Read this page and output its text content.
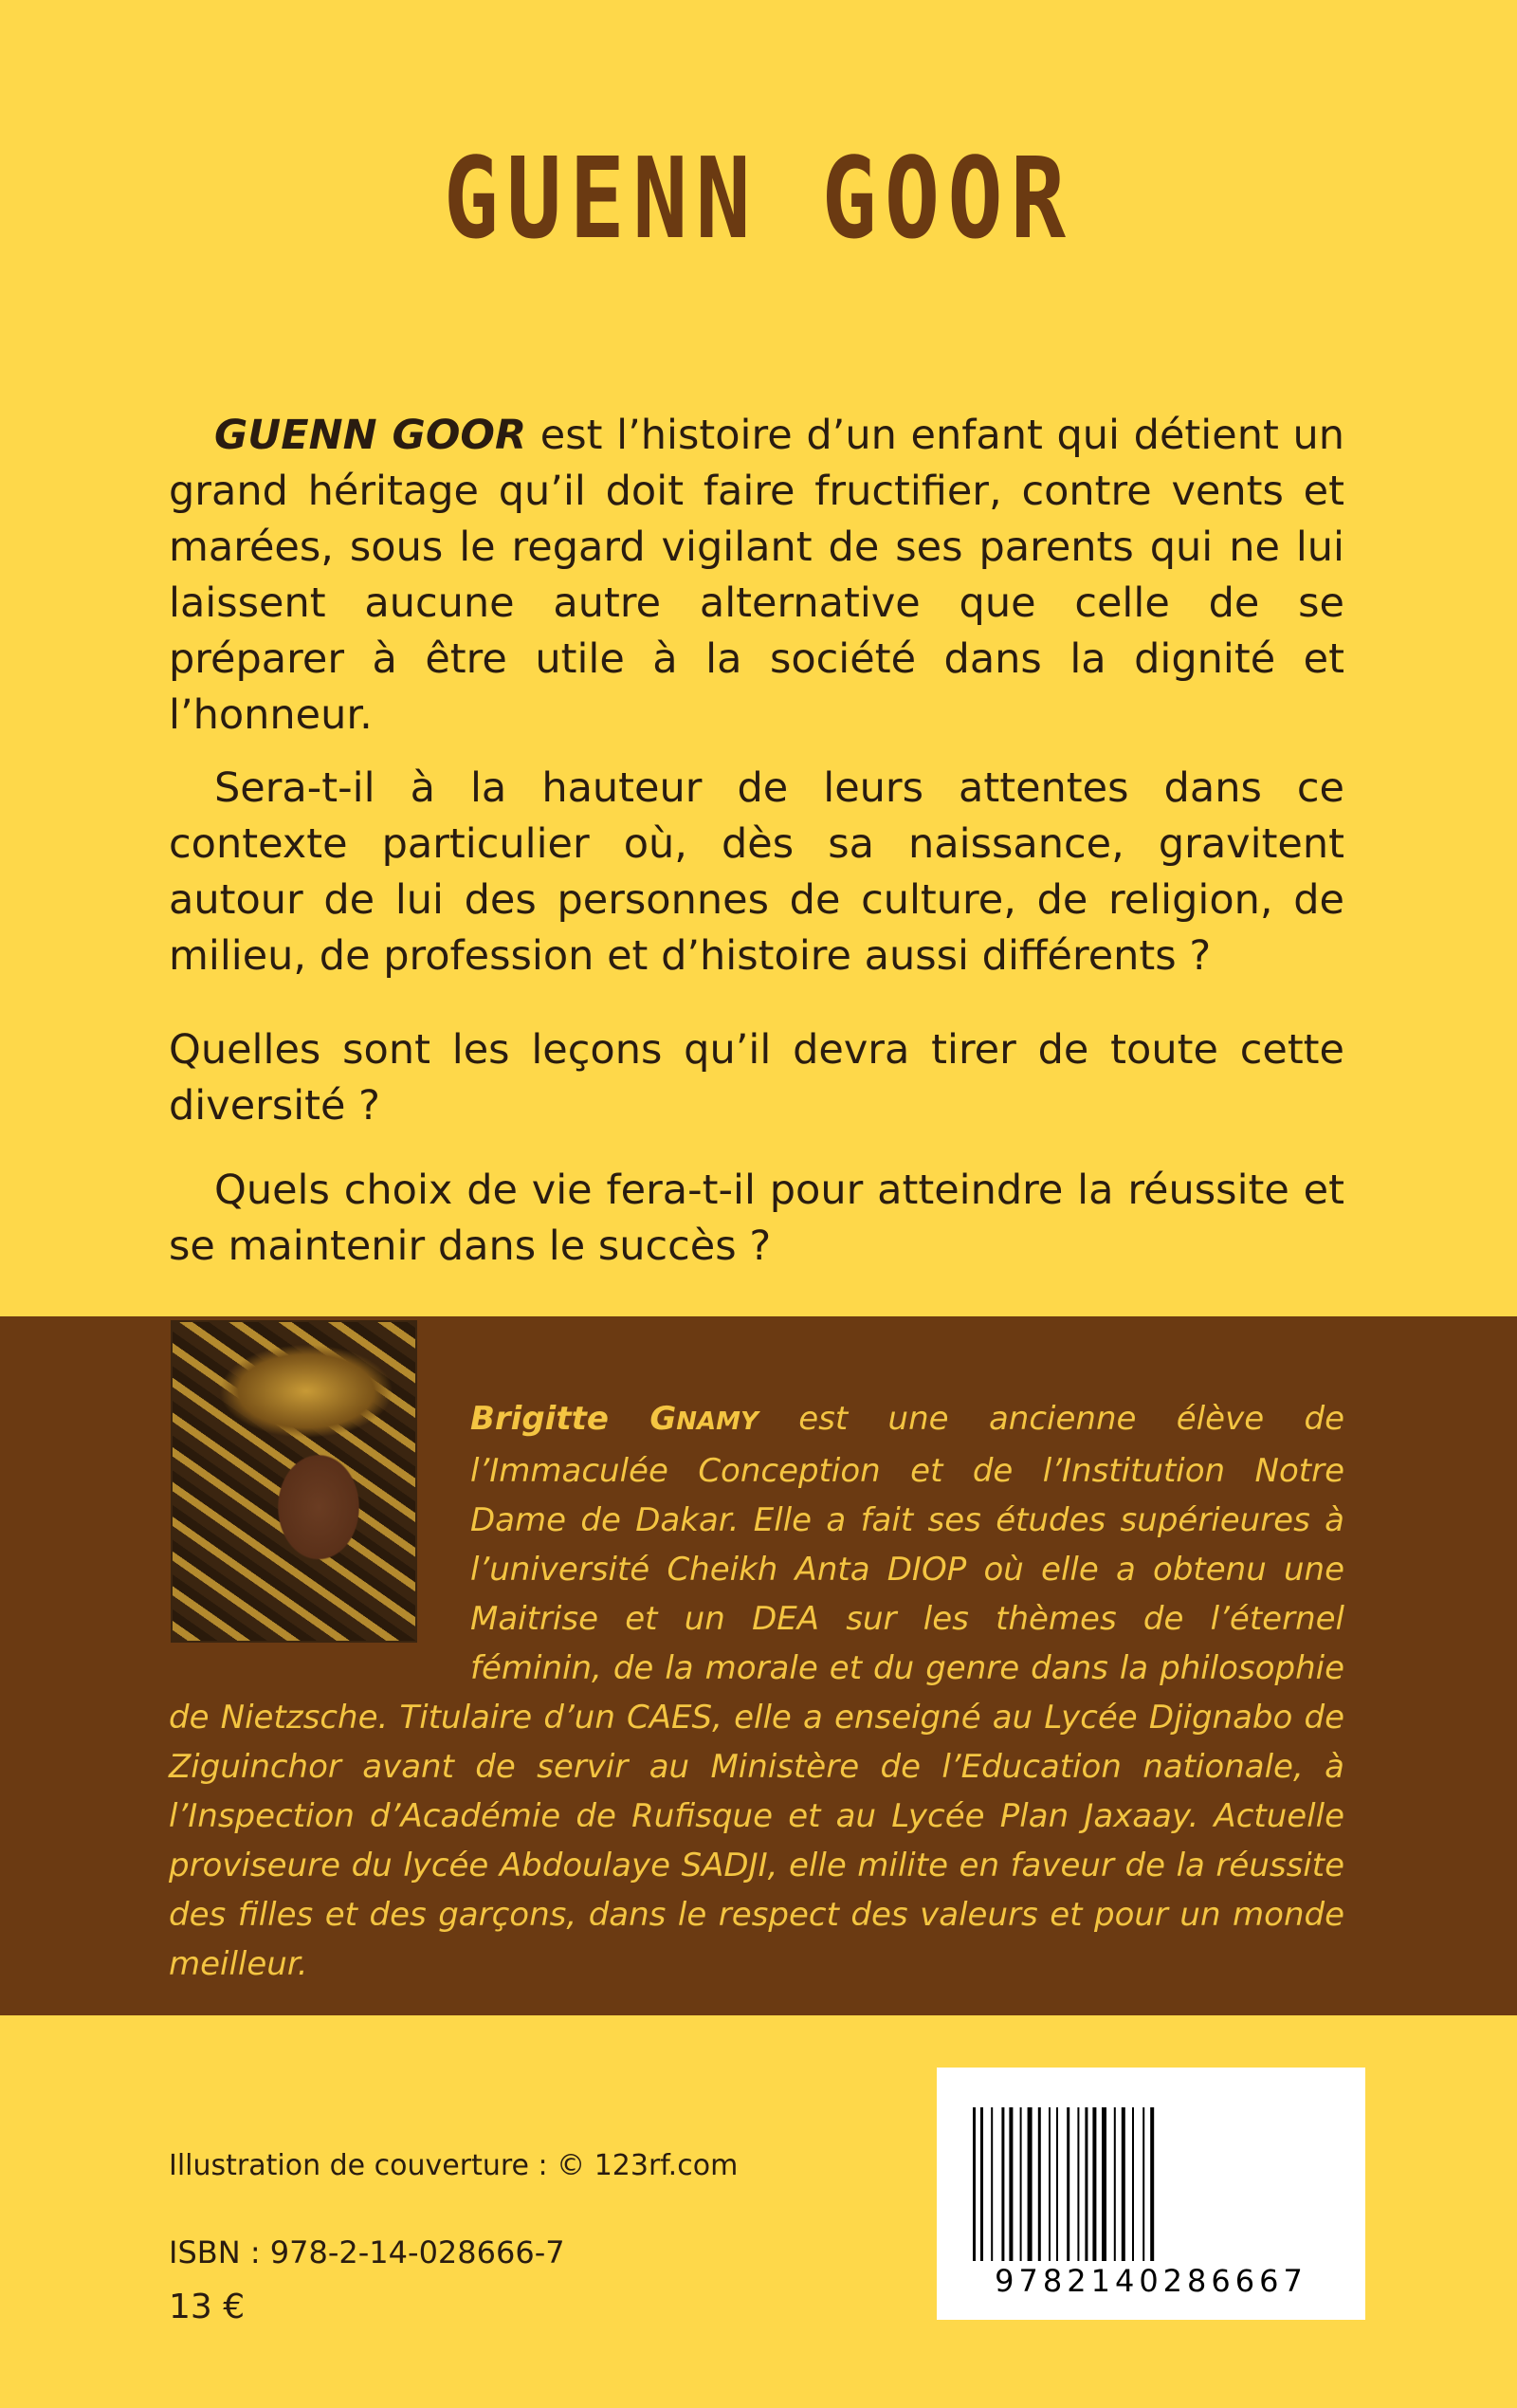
GUENN GOOR

GUENN GOOR est l’histoire d’un enfant qui détient un grand héritage qu’il doit faire fructifier, contre vents et marées, sous le regard vigilant de ses parents qui ne lui laissent aucune autre alternative que celle de se préparer à être utile à la société dans la dignité et l’honneur.

Sera-t-il à la hauteur de leurs attentes dans ce contexte particulier où, dès sa naissance, gravitent autour de lui des personnes de culture, de religion, de milieu, de profession et d’histoire aussi différents ?

Quelles sont les leçons qu’il devra tirer de toute cette diversité ?

Quels choix de vie fera-t-il pour atteindre la réussite et se maintenir dans le succès ?

Brigitte GNAMY est une ancienne élève de l’Immaculée Conception et de l’Institution Notre Dame de Dakar. Elle a fait ses études supérieures à l’université Cheikh Anta DIOP où elle a obtenu une Maitrise et un DEA sur les thèmes de l’éternel féminin, de la morale et du genre dans la philosophie de Nietzsche. Titulaire d’un CAES, elle a enseigné au Lycée Djignabo de Ziguinchor avant de servir au Ministère de l’Education nationale, à l’Inspection d’Académie de Rufisque et au Lycée Plan Jaxaay. Actuelle proviseure du lycée Abdoulaye SADJI, elle milite en faveur de la réussite des filles et des garçons, dans le respect des valeurs et pour un monde meilleur.

Illustration de couverture : © 123rf.com
ISBN : 978-2-14-028666-7
13 €
9782140286667
